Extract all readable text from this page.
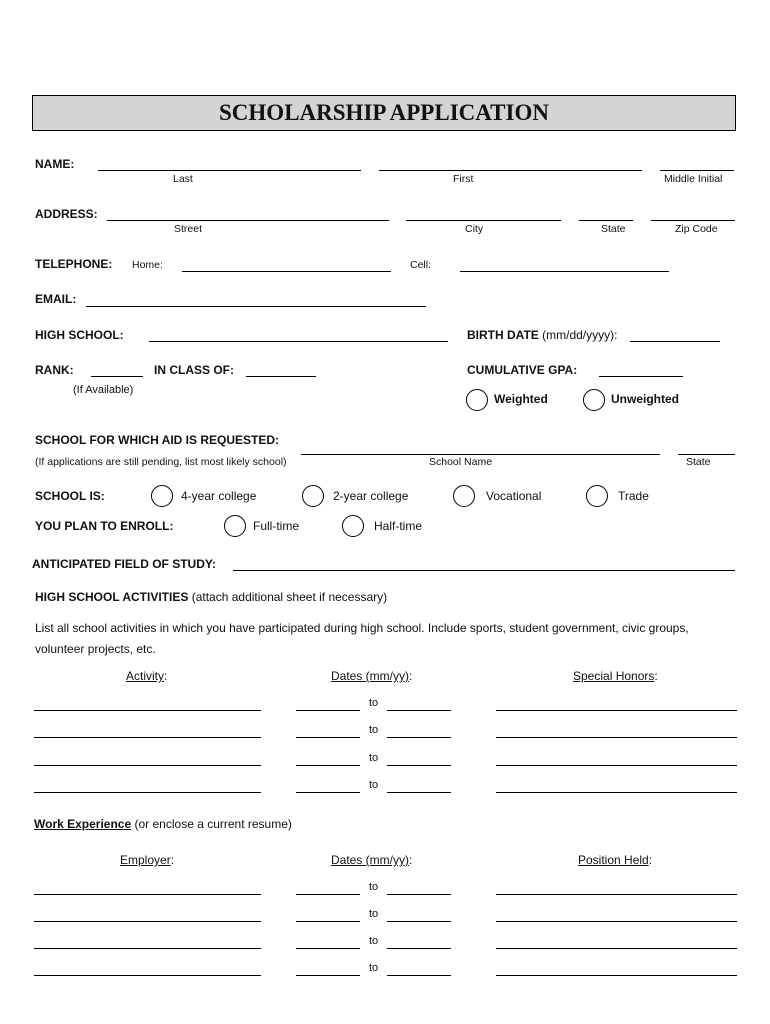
SCHOLARSHIP APPLICATION
NAME:
Last	First	Middle Initial
ADDRESS:
Street	City	State	Zip Code
TELEPHONE: Home:	Cell:
EMAIL:
HIGH SCHOOL:	BIRTH DATE (mm/dd/yyyy):
RANK:	IN CLASS OF:
(If Available)
CUMULATIVE GPA:
Weighted	Unweighted
SCHOOL FOR WHICH AID IS REQUESTED:
(If applications are still pending, list most likely school)	School Name	State
SCHOOL IS:	4-year college	2-year college	Vocational	Trade
YOU PLAN TO ENROLL:	Full-time	Half-time
ANTICIPATED FIELD OF STUDY:
HIGH SCHOOL ACTIVITIES (attach additional sheet if necessary)
List all school activities in which you have participated during high school. Include sports, student government, civic groups,
volunteer projects, etc.
Activity:	Dates (mm/yy):	Special Honors:
to
to
to
to
Work Experience (or enclose a current resume)
Employer:	Dates (mm/yy):	Position Held:
to
to
to
to
